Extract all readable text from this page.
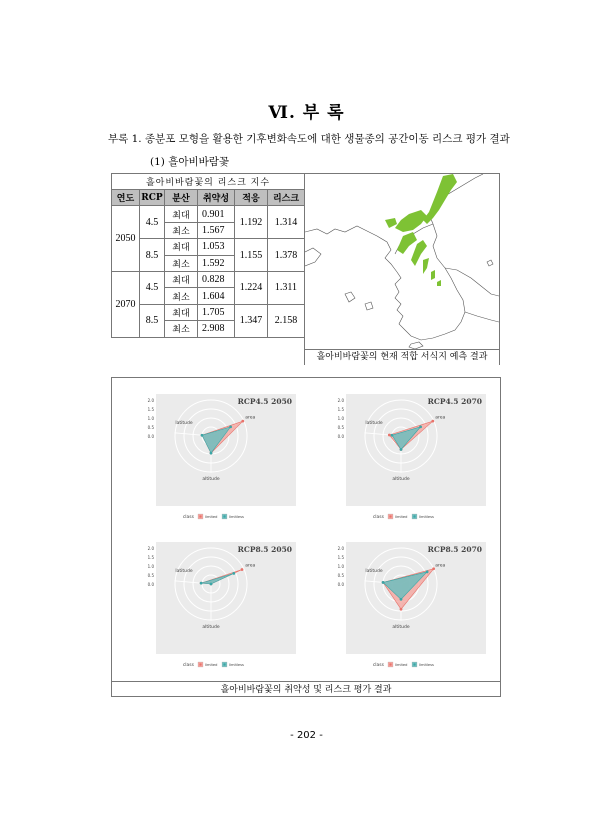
Ⅵ. 부 록
부록 1. 종분포 모형을 활용한 기후변화속도에 대한 생물종의 공간이동 리스크 평가 결과
(1) 흘아비바람꽃
흘아비바람꽃의 리스크 지수					
연도	RCP	분산	취약성	적응	리스크
2050	4.5	최대	0.901	1.192	1.314
		최소	1.567		
	8.5	최대	1.053	1.155	1.378
		최소	1.592		
2070	4.5	최대	0.828	1.224	1.311
		최소	1.604		
	8.5	최대	1.705	1.347	2.158
		최소	2.908		
흘아비바람꽃의 현재 적합 서식지 예측 결과
2.0
1.5
1.0
0.5
0.0
area
altitude
latitude
RCP4.5 2050
class	limited	limitless
2.0
1.5
1.0
0.5
0.0
area
altitude
latitude
RCP4.5 2070
class	limited	limitless
2.0
1.5
1.0
0.5
0.0
area
altitude
latitude
RCP8.5 2050
class	limited	limitless
2.0
1.5
1.0
0.5
0.0
area
altitude
latitude
RCP8.5 2070
class	limited	limitless
흘아비바람꽃의 취약성 및 리스크 평가 결과
- 202 -
